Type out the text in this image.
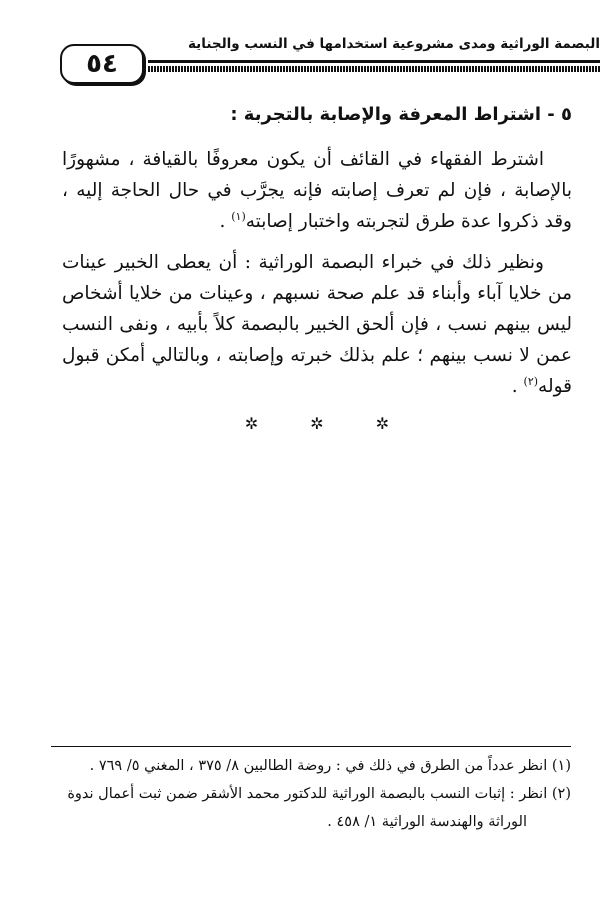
٥٤
البصمة الوراثية ومدى مشروعية استخدامها في النسب والجناية
٥ - اشتراط المعرفة والإصابة بالتجربة :

اشترط الفقهاء في القائف أن يكون معروفًا بالقيافة ، مشهورًا بالإصابة ، فإن لم تعرف إصابته فإنه يجرَّب في حال الحاجة إليه ، وقد ذكروا عدة طرق لتجربته واختبار إصابته$^{(١)}$ .

ونظير ذلك في خبراء البصمة الوراثية : أن يعطى الخبير عينات من خلايا آباء وأبناء قد علم صحة نسبهم ، وعينات من خلايا أشخاص ليس بينهم نسب ، فإن ألحق الخبير بالبصمة كلاً بأبيه ، ونفى النسب عمن لا نسب بينهم ؛ علم بذلك خبرته وإصابته ، وبالتالي أمكن قبول قوله$^{(٢)}$ .

✲
✲
✲

(١) انظر عدداً من الطرق في ذلك في : روضة الطالبين ٨/ ٣٧٥ ، المغني ٥/ ٧٦٩ .

(٢) انظر : إثبات النسب بالبصمة الوراثية للدكتور محمد الأشقر ضمن ثبت أعمال ندوة

الوراثة والهندسة الوراثية ١/ ٤٥٨ .
